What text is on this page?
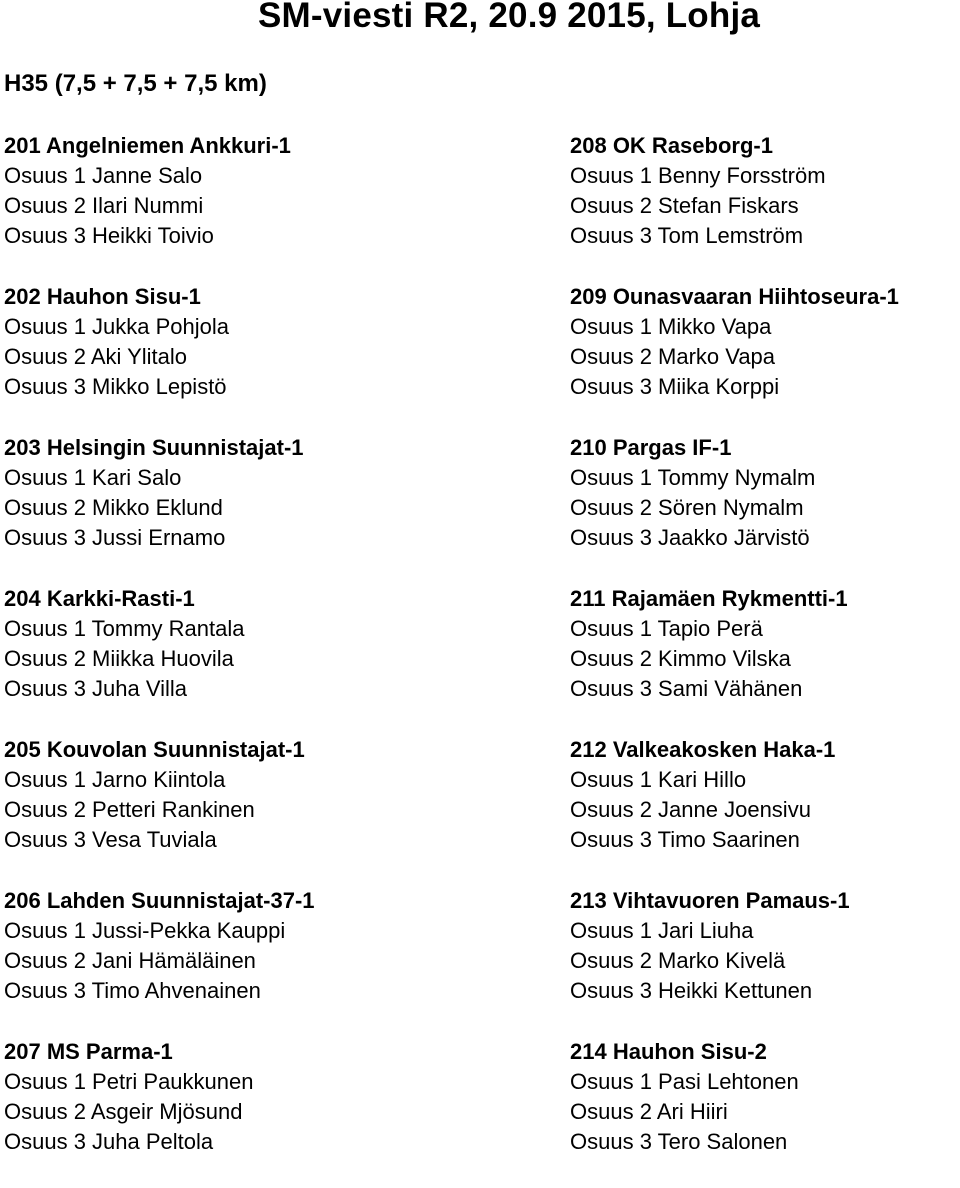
SM-viesti R2, 20.9 2015, Lohja
H35 (7,5 + 7,5 + 7,5 km)
201 Angelniemen Ankkuri-1
Osuus 1 Janne Salo
Osuus 2 Ilari Nummi
Osuus 3 Heikki Toivio
202 Hauhon Sisu-1
Osuus 1 Jukka Pohjola
Osuus 2 Aki Ylitalo
Osuus 3 Mikko Lepistö
203 Helsingin Suunnistajat-1
Osuus 1 Kari Salo
Osuus 2 Mikko Eklund
Osuus 3 Jussi Ernamo
204 Karkki-Rasti-1
Osuus 1 Tommy Rantala
Osuus 2 Miikka Huovila
Osuus 3 Juha Villa
205 Kouvolan Suunnistajat-1
Osuus 1 Jarno Kiintola
Osuus 2 Petteri Rankinen
Osuus 3 Vesa Tuviala
206 Lahden Suunnistajat-37-1
Osuus 1 Jussi-Pekka Kauppi
Osuus 2 Jani Hämäläinen
Osuus 3 Timo Ahvenainen
207 MS Parma-1
Osuus 1 Petri Paukkunen
Osuus 2 Asgeir Mjösund
Osuus 3 Juha Peltola
208 OK Raseborg-1
Osuus 1 Benny Forsström
Osuus 2 Stefan Fiskars
Osuus 3 Tom Lemström
209 Ounasvaaran Hiihtoseura-1
Osuus 1 Mikko Vapa
Osuus 2 Marko Vapa
Osuus 3 Miika Korppi
210 Pargas IF-1
Osuus 1 Tommy Nymalm
Osuus 2 Sören Nymalm
Osuus 3 Jaakko Järvistö
211 Rajamäen Rykmentti-1
Osuus 1 Tapio Perä
Osuus 2 Kimmo Vilska
Osuus 3 Sami Vähänen
212 Valkeakosken Haka-1
Osuus 1 Kari Hillo
Osuus 2 Janne Joensivu
Osuus 3 Timo Saarinen
213 Vihtavuoren Pamaus-1
Osuus 1 Jari Liuha
Osuus 2 Marko Kivelä
Osuus 3 Heikki Kettunen
214 Hauhon Sisu-2
Osuus 1 Pasi Lehtonen
Osuus 2 Ari Hiiri
Osuus 3 Tero Salonen
